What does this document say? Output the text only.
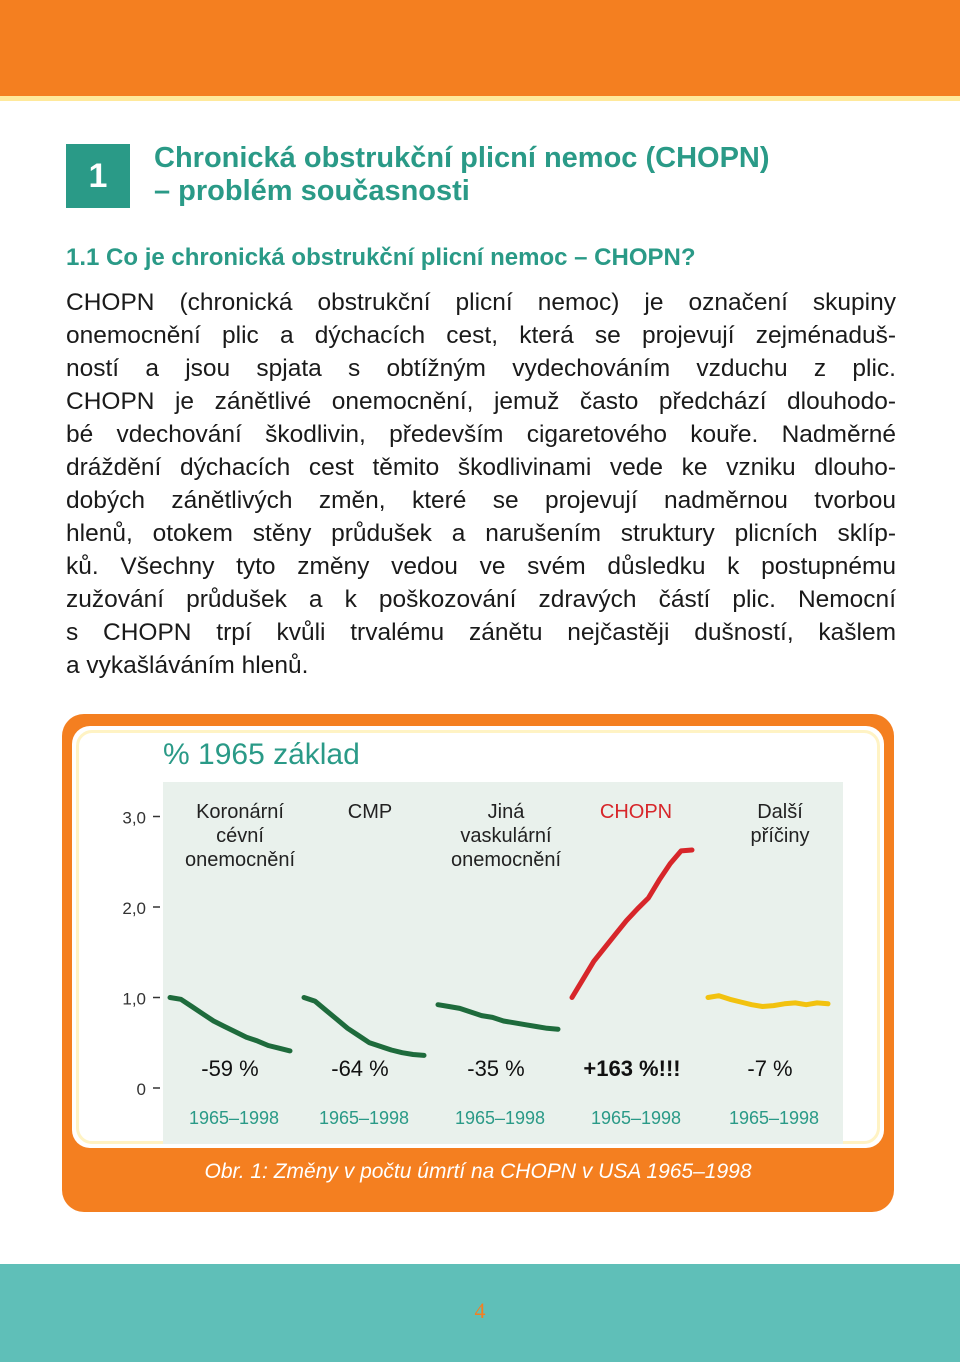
1	Chronická obstrukční plicní nemoc (CHOPN)
– problém současnosti
1.1 Co je chronická obstrukční plicní nemoc – CHOPN?
CHOPN (chronická obstrukční plicní nemoc) je označení skupiny
onemocnění plic a dýchacích cest, která se projevují zejménaduš-
ností a jsou spjata s obtížným vydechováním vzduchu z plic.
CHOPN je zánětlivé onemocnění, jemuž často předchází dlouhodo-
bé vdechování škodlivin, především cigaretového kouře. Nadměrné
dráždění dýchacích cest těmito škodlivinami vede ke vzniku dlouho-
dobých zánětlivých změn, které se projevují nadměrnou tvorbou
hlenů, otokem stěny průdušek a narušením struktury plicních sklíp-
ků. Všechny tyto změny vedou ve svém důsledku k postupnému
zužování průdušek a k poškozování zdravých částí plic. Nemocní
s CHOPN trpí kvůli trvalému zánětu nejčastěji dušností, kašlem
a vykašláváním hlenů.
% 1965 základ
0
1,0
2,0
3,0	Koronární
cévní
onemocnění
-59 %
1965–1998
CMP
-64 %
1965–1998
Jiná
vaskulární
onemocnění
-35 %
1965–1998
CHOPN
+163 %!!!
1965–1998
Další
příčiny
-7 %
1965–1998
Obr. 1: Změny v počtu úmrtí na CHOPN v USA 1965–1998
4
